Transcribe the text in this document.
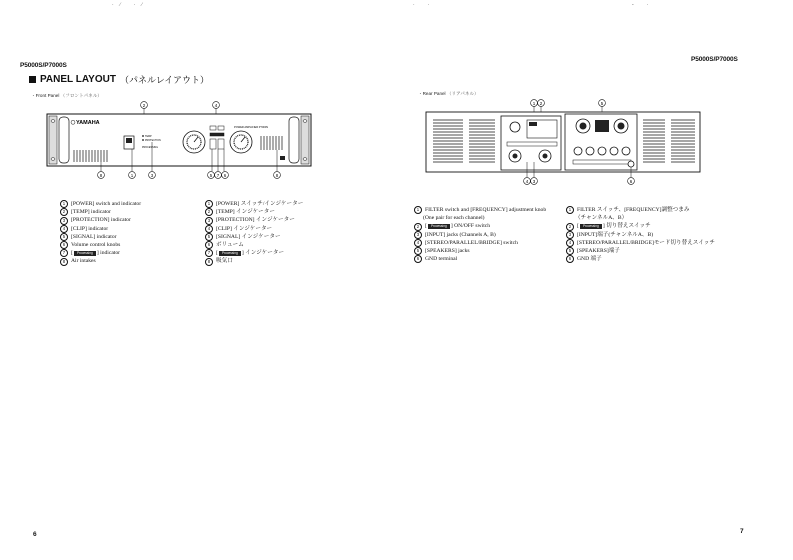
·⁄ ·⁄
P5000S/P7000S
PANEL LAYOUT （パネルレイアウト）
・Front Panel （フロントパネル）
2	4
YAMAHA
POWER AMPLIFIER P7000S
TEMP
PROTECTION
PROCESSING
8	1	3	5 7 6	8
1	[POWER] switch and indicator
2	[TEMP] indicator
3	[PROTECTION] indicator
4	[CLIP] indicator
5	[SIGNAL] indicator
6	Volume control knobs
7	[	Processing ] indicator
8	Air intakes
1	[POWER] スイッチ/インジケーター
2	[TEMP] インジケーター
3	[PROTECTION] インジケーター
4	[CLIP] インジケーター
5	[SIGNAL] インジケーター
6	ボリューム
7	[	Processing ] インジケーター
8	吸気口
6
· ·	- ·
P5000S/P7000S
・Rear Panel （リアパネル）
1 2	5
4 3	6
1	FILTER switch and [FREQUENCY] adjustment knob
(One pair for each channel)
2	[	Processing ] ON/OFF switch
3	[INPUT] jacks (Channels A, B)
4	[STEREO/PARALLEL/BRIDGE] switch
5	[SPEAKERS] jacks
6	GND terminal
1	FILTER スイッチ、[FREQUENCY]調整つまみ
（チャンネルA、B）
2	[	Processing ] 切り替えスイッチ
3	[INPUT]端子(チャンネルA、B)
4	[STEREO/PARALLEL/BRIDGE]モード切り替えスイッチ
5	[SPEAKERS]端子
6	GND 端子
7
